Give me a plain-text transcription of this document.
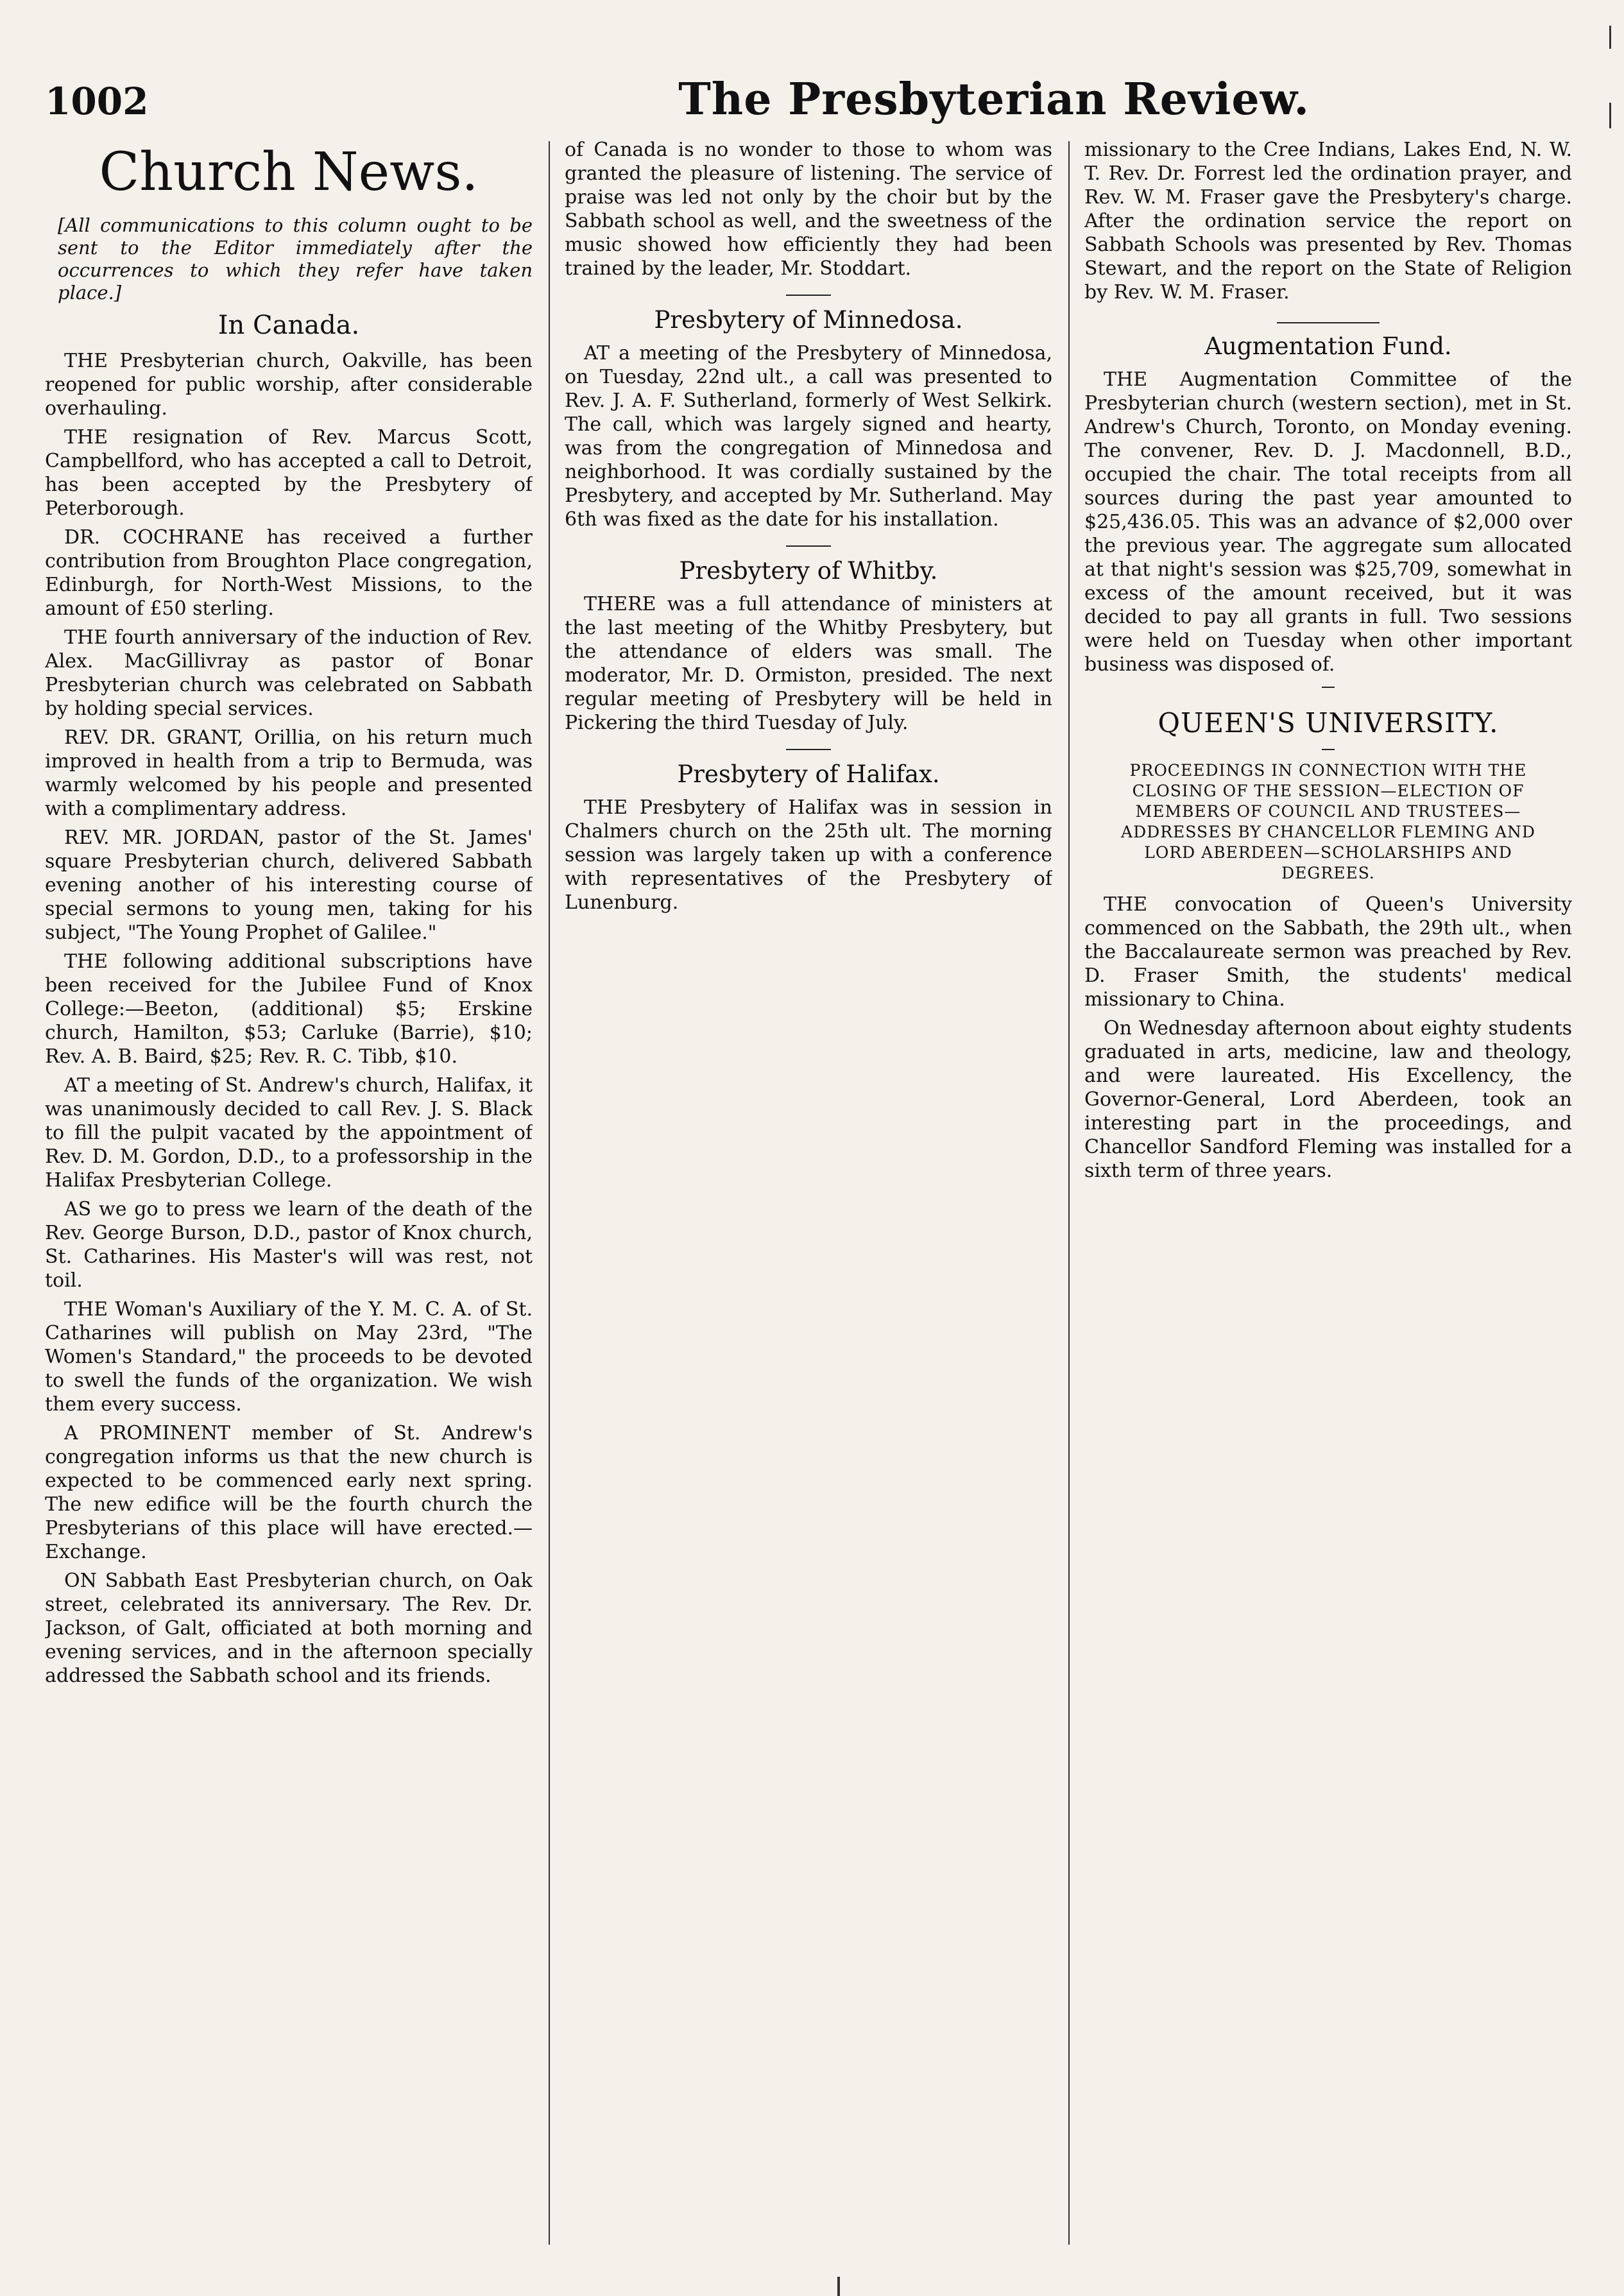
1002	The Presbyterian Review.
Church News.

[All communications to this column ought to be sent to the Editor immediately after the occurrences to which they refer have taken place.]

In Canada.

THE Presbyterian church, Oakville, has been reopened for public worship, after considerable overhauling.

THE resignation of Rev. Marcus Scott, Campbellford, who has accepted a call to Detroit, has been accepted by the Presbytery of Peterborough.

DR. COCHRANE has received a further contribution from Broughton Place congregation, Edinburgh, for North-West Missions, to the amount of £50 sterling.

THE fourth anniversary of the induction of Rev. Alex. MacGillivray as pastor of Bonar Presbyterian church was celebrated on Sabbath by holding special services.

REV. DR. GRANT, Orillia, on his return much improved in health from a trip to Bermuda, was warmly welcomed by his people and presented with a complimentary address.

REV. MR. JORDAN, pastor of the St. James' square Presbyterian church, delivered Sabbath evening another of his interesting course of special sermons to young men, taking for his subject, "The Young Prophet of Galilee."

THE following additional subscriptions have been received for the Jubilee Fund of Knox College:—Beeton, (additional) $5; Erskine church, Hamilton, $53; Carluke (Barrie), $10; Rev. A. B. Baird, $25; Rev. R. C. Tibb, $10.

AT a meeting of St. Andrew's church, Halifax, it was unanimously decided to call Rev. J. S. Black to fill the pulpit vacated by the appointment of Rev. D. M. Gordon, D.D., to a professorship in the Halifax Presbyterian College.

AS we go to press we learn of the death of the Rev. George Burson, D.D., pastor of Knox church, St. Catharines. His Master's will was rest, not toil.

THE Woman's Auxiliary of the Y. M. C. A. of St. Catharines will publish on May 23rd, "The Women's Standard," the proceeds to be devoted to swell the funds of the organization. We wish them every success.

A PROMINENT member of St. Andrew's congregation informs us that the new church is expected to be commenced early next spring. The new edifice will be the fourth church the Presbyterians of this place will have erected.—Exchange.

ON Sabbath East Presbyterian church, on Oak street, celebrated its anniversary. The Rev. Dr. Jackson, of Galt, officiated at both morning and evening services, and in the afternoon specially addressed the Sabbath school and its friends.

of Canada is no wonder to those to whom was granted the pleasure of listening. The service of praise was led not only by the choir but by the Sabbath school as well, and the sweetness of the music showed how efficiently they had been trained by the leader, Mr. Stoddart.

Presbytery of Minnedosa.

AT a meeting of the Presbytery of Minnedosa, on Tuesday, 22nd ult., a call was presented to Rev. J. A. F. Sutherland, formerly of West Selkirk. The call, which was largely signed and hearty, was from the congregation of Minnedosa and neighborhood. It was cordially sustained by the Presbytery, and accepted by Mr. Sutherland. May 6th was fixed as the date for his installation.

Presbytery of Whitby.

THERE was a full attendance of ministers at the last meeting of the Whitby Presbytery, but the attendance of elders was small. The moderator, Mr. D. Ormiston, presided. The next regular meeting of Presbytery will be held in Pickering the third Tuesday of July.

Presbytery of Halifax.

THE Presbytery of Halifax was in session in Chalmers church on the 25th ult. The morning session was largely taken up with a conference with representatives of the Presbytery of Lunenburg.

missionary to the Cree Indians, Lakes End, N. W. T. Rev. Dr. Forrest led the ordination prayer, and Rev. W. M. Fraser gave the Presbytery's charge. After the ordination service the report on Sabbath Schools was presented by Rev. Thomas Stewart, and the report on the State of Religion by Rev. W. M. Fraser.

Augmentation Fund.

THE Augmentation Committee of the Presbyterian church (western section), met in St. Andrew's Church, Toronto, on Monday evening. The convener, Rev. D. J. Macdonnell, B.D., occupied the chair. The total receipts from all sources during the past year amounted to $25,436.05. This was an advance of $2,000 over the previous year. The aggregate sum allocated at that night's session was $25,709, somewhat in excess of the amount received, but it was decided to pay all grants in full. Two sessions were held on Tuesday when other important business was disposed of.

QUEEN'S UNIVERSITY.

PROCEEDINGS IN CONNECTION WITH THE CLOSING OF THE SESSION—ELECTION OF MEMBERS OF COUNCIL AND TRUSTEES—ADDRESSES BY CHANCELLOR FLEMING AND LORD ABERDEEN—SCHOLARSHIPS AND DEGREES.

THE convocation of Queen's University commenced on the Sabbath, the 29th ult., when the Baccalaureate sermon was preached by Rev. D. Fraser Smith, the students' medical missionary to China.

On Wednesday afternoon about eighty students graduated in arts, medicine, law and theology, and were laureated. His Excellency, the Governor-General, Lord Aberdeen, took an interesting part in the proceedings, and Chancellor Sandford Fleming was installed for a sixth term of three years.
